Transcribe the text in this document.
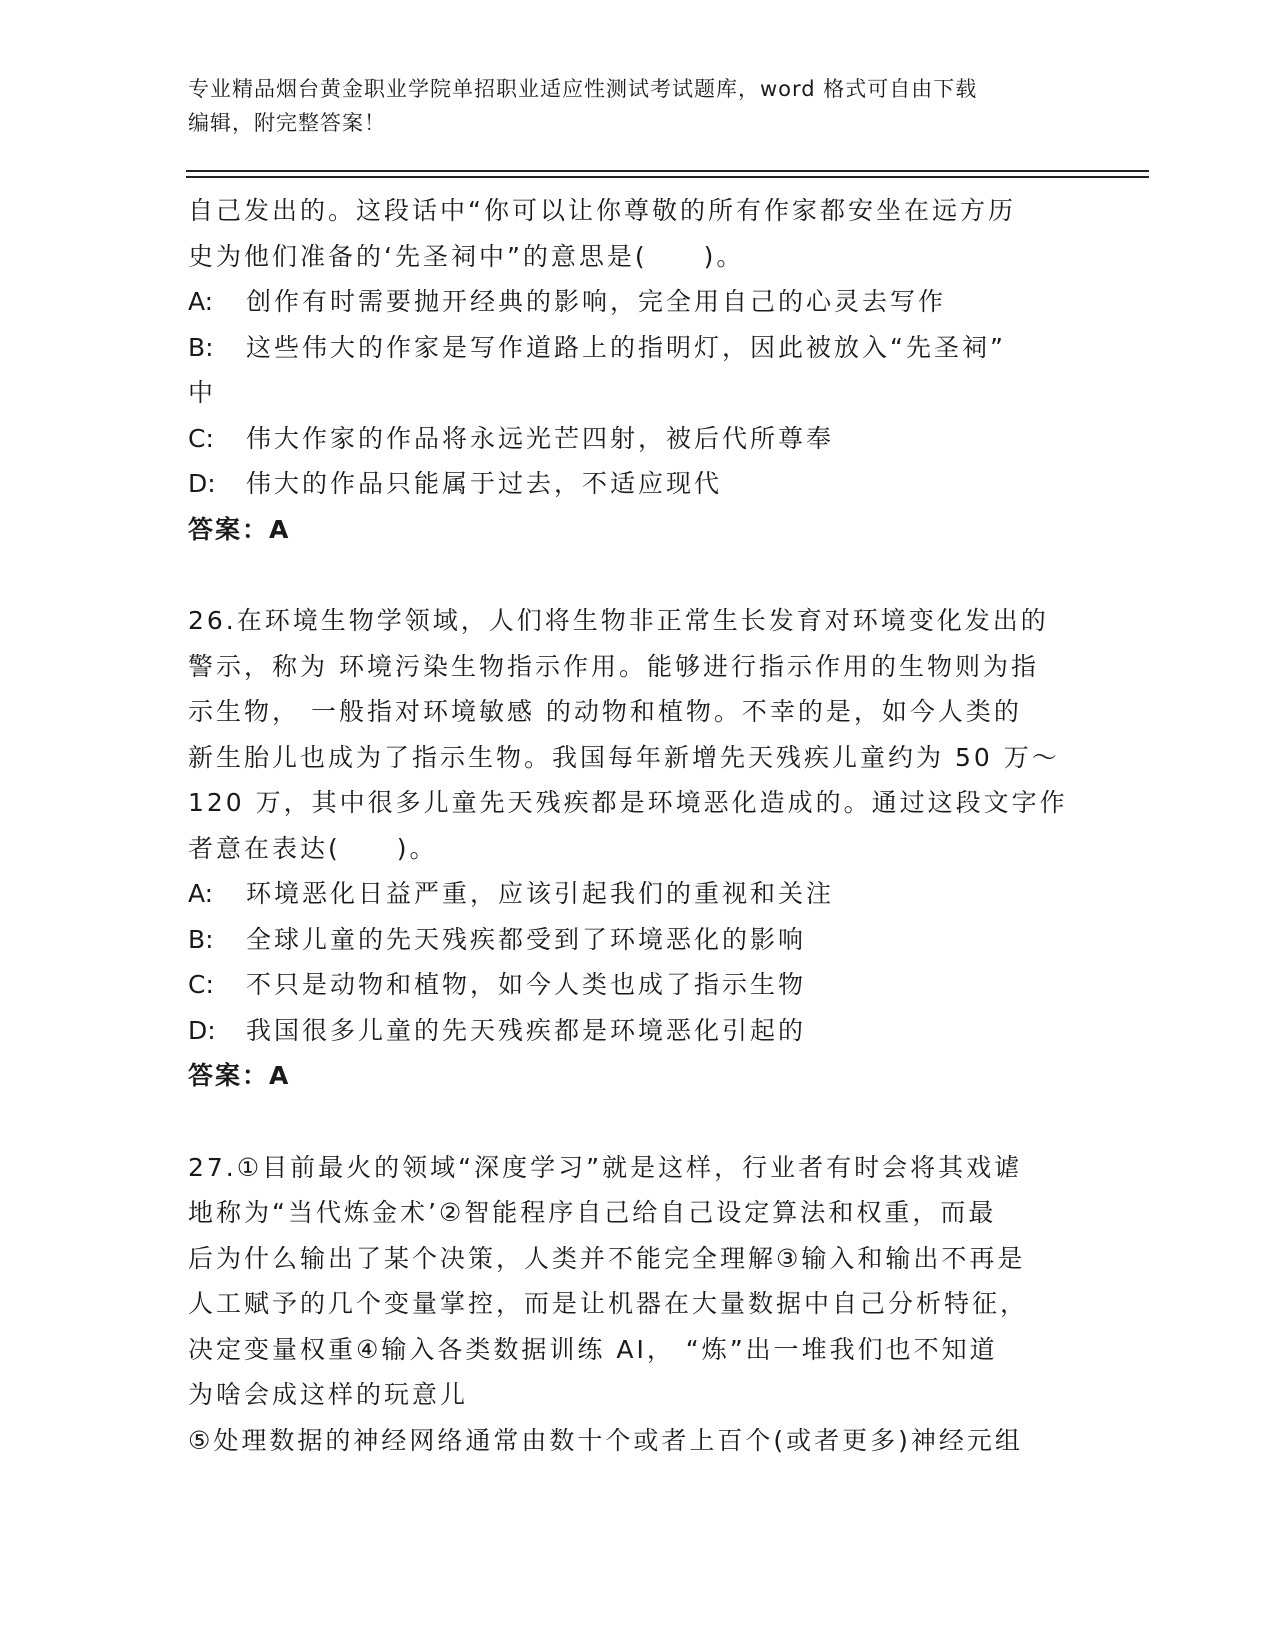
专业精品烟台黄金职业学院单招职业适应性测试考试题库，word 格式可自由下载
编辑，附完整答案！
自己发出的。这段话中“你可以让你尊敬的所有作家都安坐在远方历
史为他们准备的‘先圣祠中”的意思是(　　)。
A: 创作有时需要抛开经典的影响，完全用自己的心灵去写作
B: 这些伟大的作家是写作道路上的指明灯，因此被放入“先圣祠”
中
C: 伟大作家的作品将永远光芒四射，被后代所尊奉
D: 伟大的作品只能属于过去，不适应现代
答案：A
26.在环境生物学领域，人们将生物非正常生长发育对环境变化发出的
警示，称为 环境污染生物指示作用。能够进行指示作用的生物则为指
示生物， 一般指对环境敏感 的动物和植物。不幸的是，如今人类的
新生胎儿也成为了指示生物。我国每年新增先天残疾儿童约为 50 万～
120 万，其中很多儿童先天残疾都是环境恶化造成的。通过这段文字作
者意在表达(　　)。
A: 环境恶化日益严重，应该引起我们的重视和关注
B: 全球儿童的先天残疾都受到了环境恶化的影响
C: 不只是动物和植物，如今人类也成了指示生物
D: 我国很多儿童的先天残疾都是环境恶化引起的
答案：A
27.①目前最火的领域“深度学习”就是这样，行业者有时会将其戏谑
地称为“当代炼金术’②智能程序自己给自己设定算法和权重，而最
后为什么输出了某个决策，人类并不能完全理解③输入和输出不再是
人工赋予的几个变量掌控，而是让机器在大量数据中自己分析特征，
决定变量权重④输入各类数据训练 AI， “炼”出一堆我们也不知道
为啥会成这样的玩意儿
⑤处理数据的神经网络通常由数十个或者上百个(或者更多)神经元组
